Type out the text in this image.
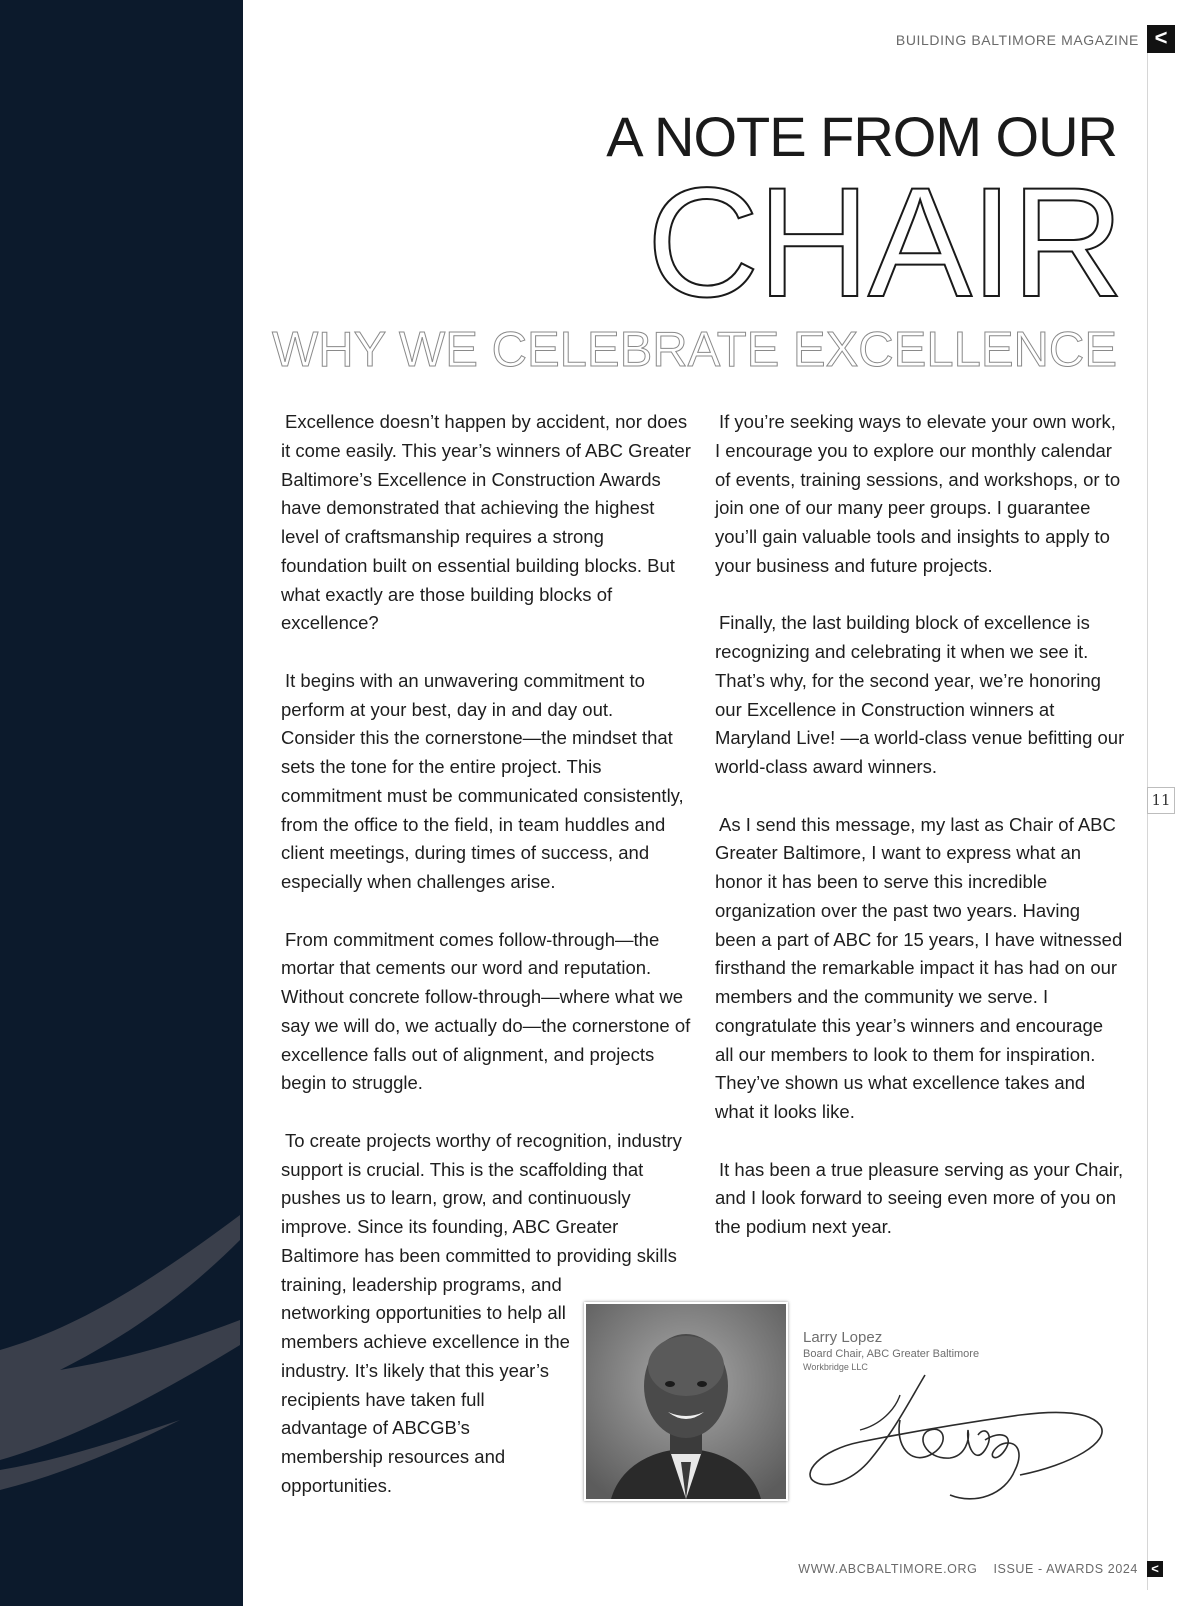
BUILDING BALTIMORE MAGAZINE <
A NOTE FROM OUR
CHAIR
WHY WE CELEBRATE EXCELLENCE

Excellence doesn’t happen by accident, nor does it come easily. This year’s winners of ABC Greater Baltimore’s Excellence in Construction Awards have demonstrated that achieving the highest level of craftsmanship requires a strong foundation built on essential building blocks. But what exactly are those building blocks of excellence?

It begins with an unwavering commitment to perform at your best, day in and day out. Consider this the cornerstone—the mindset that sets the tone for the entire project. This commitment must be communicated consistently, from the office to the field, in team huddles and client meetings, during times of success, and especially when challenges arise.

From commitment comes follow-through—the mortar that cements our word and reputation. Without concrete follow-through—where what we say we will do, we actually do—the cornerstone of excellence falls out of alignment, and projects begin to struggle.

To create projects worthy of recognition, industry support is crucial. This is the scaffolding that pushes us to learn, grow, and continuously improve. Since its founding, ABC Greater Baltimore has been committed to providing skills training, leadership programs, and

networking opportunities to help all members achieve excellence in the industry. It’s likely that this year’s recipients have taken full advantage of ABCGB’s membership resources and opportunities.

If you’re seeking ways to elevate your own work, I encourage you to explore our monthly calendar of events, training sessions, and workshops, or to join one of our many peer groups. I guarantee you’ll gain valuable tools and insights to apply to your business and future projects.

Finally, the last building block of excellence is recognizing and celebrating it when we see it. That’s why, for the second year, we’re honoring our Excellence in Construction winners at Maryland Live! —a world-class venue befitting our world-class award winners.

As I send this message, my last as Chair of ABC Greater Baltimore, I want to express what an honor it has been to serve this incredible organization over the past two years. Having been a part of ABC for 15 years, I have witnessed firsthand the remarkable impact it has had on our members and the community we serve. I congratulate this year’s winners and encourage all our members to look to them for inspiration. They’ve shown us what excellence takes and what it looks like.

It has been a true pleasure serving as your Chair, and I look forward to seeing even more of you on the podium next year.

11
Larry Lopez
Board Chair, ABC Greater Baltimore
Workbridge LLC
WWW.ABCBALTIMORE.ORG ISSUE - AWARDS 2024	<
